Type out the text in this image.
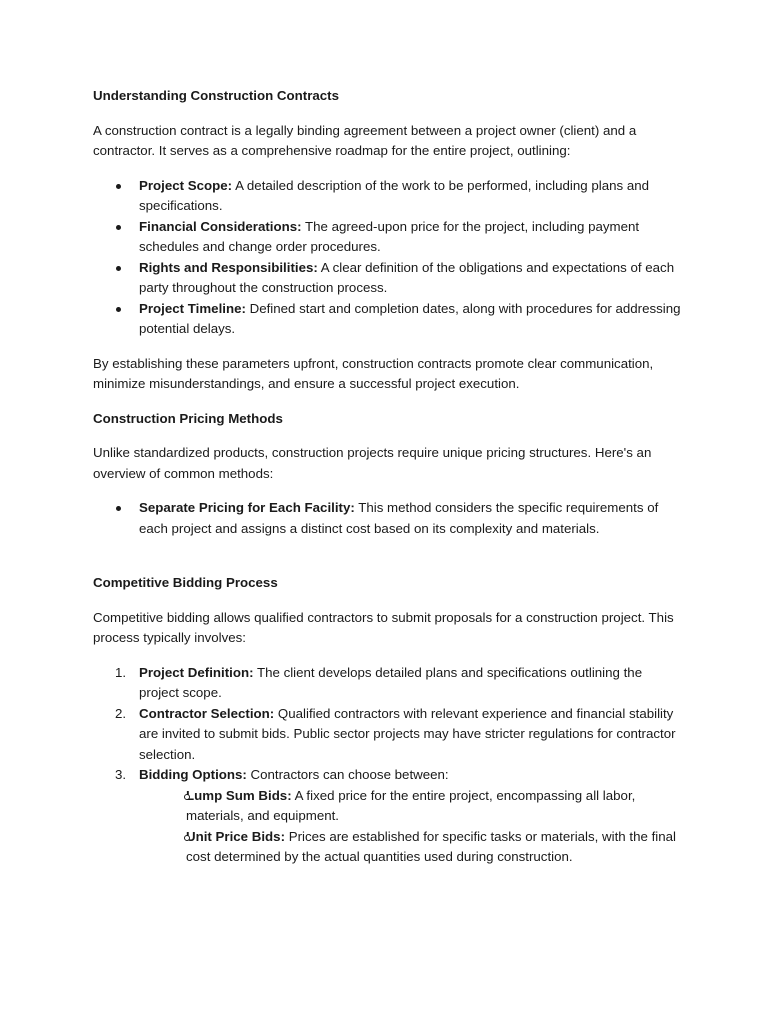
Understanding Construction Contracts
A construction contract is a legally binding agreement between a project owner (client) and a contractor. It serves as a comprehensive roadmap for the entire project, outlining:
Project Scope: A detailed description of the work to be performed, including plans and specifications.
Financial Considerations: The agreed-upon price for the project, including payment schedules and change order procedures.
Rights and Responsibilities: A clear definition of the obligations and expectations of each party throughout the construction process.
Project Timeline: Defined start and completion dates, along with procedures for addressing potential delays.
By establishing these parameters upfront, construction contracts promote clear communication, minimize misunderstandings, and ensure a successful project execution.
Construction Pricing Methods
Unlike standardized products, construction projects require unique pricing structures. Here's an overview of common methods:
Separate Pricing for Each Facility: This method considers the specific requirements of each project and assigns a distinct cost based on its complexity and materials.
Competitive Bidding Process
Competitive bidding allows qualified contractors to submit proposals for a construction project. This process typically involves:
1. Project Definition: The client develops detailed plans and specifications outlining the project scope.
2. Contractor Selection: Qualified contractors with relevant experience and financial stability are invited to submit bids. Public sector projects may have stricter regulations for contractor selection.
3. Bidding Options: Contractors can choose between:
Lump Sum Bids: A fixed price for the entire project, encompassing all labor, materials, and equipment.
Unit Price Bids: Prices are established for specific tasks or materials, with the final cost determined by the actual quantities used during construction.
